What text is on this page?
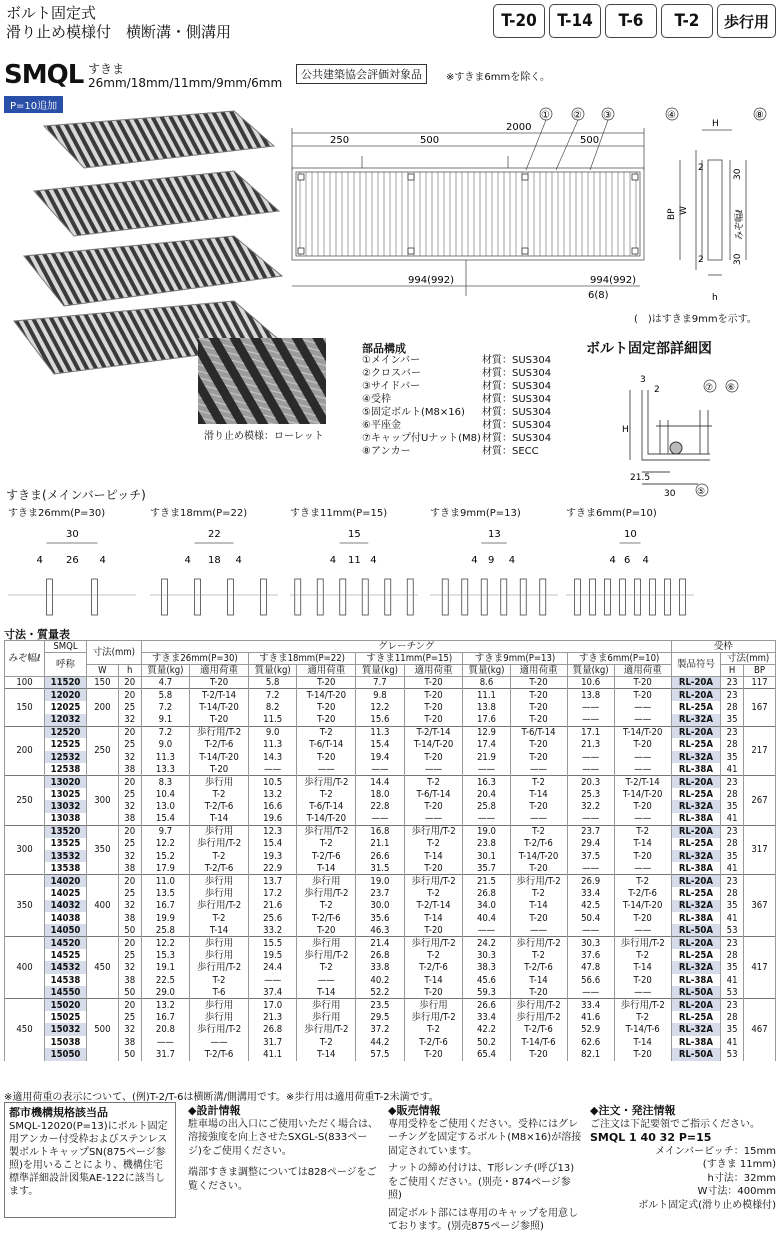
ボルト固定式
滑り止め模様付　横断溝・側溝用
T-20	T-14	T-6	T-2	歩行用
SMQL すきま
26mm/18mm/11mm/9mm/6mm
P=10追加
公共建築協会評価対象品	※すきま6mmを除く。
滑り止め模様：ローレット
250	500	500
2000
994(992)	994(992)
6(8)
① ② ③	④	⑧
H
2
30
W
BP	みぞ幅ℓ
30
2
h
(　)はすきま9mmを示す。
部品構成
①メインバー	材質：SUS304
②クロスバー	材質：SUS304
③サイドバー	材質：SUS304
④受枠	材質：SUS304
⑤固定ボルト(M8×16)	材質：SUS304
⑥平座金	材質：SUS304
⑦キャップ付Uナット(M8) 材質：SUS304
⑧アンカー	材質：SECC
ボルト固定部詳細図
3
2	⑦ ⑥
H
21.5
30 ⑤
すきま(メインバーピッチ)
すきま26mm(P=30)
30
4 26 4
すきま18mm(P=22)
22
4 18 4
すきま11mm(P=15)
15
4 11 4
すきま9mm(P=13)
13
4 9 4
すきま6mm(P=10)
10
4 6 4
寸法・質量表
みぞ幅ℓ	SMQL	寸法(mm)		グレーチング										受枠		
	呼称			すきま26mm(P=30)		すきま18mm(P=22)		すきま11mm(P=15)		すきま9mm(P=13)		すきま6mm(P=10)		製品符号	寸法(mm)	
		W	h	質量(kg)	適用荷重	質量(kg)	適用荷重	質量(kg)	適用荷重	質量(kg)	適用荷重	質量(kg)	適用荷重		H	BP
100	11520	150	20	4.7	T-20	5.8	T-20	7.7	T-20	8.6	T-20	10.6	T-20	RL-20A	23	117
150	12020	200	20	5.8	T-2/T-14	7.2	T-14/T-20	9.8	T-20	11.1	T-20	13.8	T-20	RL-20A	23	167
	12025		25	7.2	T-14/T-20	8.2	T-20	12.2	T-20	13.8	T-20	——	——	RL-25A	28	
	12032		32	9.1	T-20	11.5	T-20	15.6	T-20	17.6	T-20	——	——	RL-32A	35	
200	12520	250	20	7.2	歩行用/T-2	9.0	T-2	11.3	T-2/T-14	12.9	T-6/T-14	17.1	T-14/T-20	RL-20A	23	217
	12525		25	9.0	T-2/T-6	11.3	T-6/T-14	15.4	T-14/T-20	17.4	T-20	21.3	T-20	RL-25A	28	
	12532		32	11.3	T-14/T-20	14.3	T-20	19.4	T-20	21.9	T-20	——	——	RL-32A	35	
	12538		38	13.3	T-20	——	——	——	——	——	——	——	——	RL-38A	41	
250	13020	300	20	8.3	歩行用	10.5	歩行用/T-2	14.4	T-2	16.3	T-2	20.3	T-2/T-14	RL-20A	23	267
	13025		25	10.4	T-2	13.2	T-2	18.0	T-6/T-14	20.4	T-14	25.3	T-14/T-20	RL-25A	28	
	13032		32	13.0	T-2/T-6	16.6	T-6/T-14	22.8	T-20	25.8	T-20	32.2	T-20	RL-32A	35	
	13038		38	15.4	T-14	19.6	T-14/T-20	——	——	——	——	——	——	RL-38A	41	
300	13520	350	20	9.7	歩行用	12.3	歩行用/T-2	16.8	歩行用/T-2	19.0	T-2	23.7	T-2	RL-20A	23	317
	13525		25	12.2	歩行用/T-2	15.4	T-2	21.1	T-2	23.8	T-2/T-6	29.4	T-14	RL-25A	28	
	13532		32	15.2	T-2	19.3	T-2/T-6	26.6	T-14	30.1	T-14/T-20	37.5	T-20	RL-32A	35	
	13538		38	17.9	T-2/T-6	22.9	T-14	31.5	T-20	35.7	T-20	——	——	RL-38A	41	
350	14020	400	20	11.0	歩行用	13.7	歩行用	19.0	歩行用/T-2	21.5	歩行用/T-2	26.9	T-2	RL-20A	23	367
	14025		25	13.5	歩行用	17.2	歩行用/T-2	23.7	T-2	26.8	T-2	33.4	T-2/T-6	RL-25A	28	
	14032		32	16.7	歩行用/T-2	21.6	T-2	30.0	T-2/T-14	34.0	T-14	42.5	T-14/T-20	RL-32A	35	
	14038		38	19.9	T-2	25.6	T-2/T-6	35.6	T-14	40.4	T-20	50.4	T-20	RL-38A	41	
	14050		50	25.8	T-14	33.2	T-20	46.3	T-20	——	——	——	——	RL-50A	53	
400	14520	450	20	12.2	歩行用	15.5	歩行用	21.4	歩行用/T-2	24.2	歩行用/T-2	30.3	歩行用/T-2	RL-20A	23	417
	14525		25	15.3	歩行用	19.5	歩行用/T-2	26.8	T-2	30.3	T-2	37.6	T-2	RL-25A	28	
	14532		32	19.1	歩行用/T-2	24.4	T-2	33.8	T-2/T-6	38.3	T-2/T-6	47.8	T-14	RL-32A	35	
	14538		38	22.5	T-2	——	——	40.2	T-14	45.6	T-14	56.6	T-20	RL-38A	41	
	14550		50	29.0	T-6	37.4	T-14	52.2	T-20	59.3	T-20	——	——	RL-50A	53	
450	15020	500	20	13.2	歩行用	17.0	歩行用	23.5	歩行用	26.6	歩行用/T-2	33.4	歩行用/T-2	RL-20A	23	467
	15025		25	16.7	歩行用	21.3	歩行用	29.5	歩行用/T-2	33.4	歩行用/T-2	41.6	T-2	RL-25A	28	
	15032		32	20.8	歩行用/T-2	26.8	歩行用/T-2	37.2	T-2	42.2	T-2/T-6	52.9	T-14/T-6	RL-32A	35	
	15038		38	——	——	31.7	T-2	44.2	T-2/T-6	50.2	T-14/T-6	62.6	T-14	RL-38A	41	
	15050		50	31.7	T-2/T-6	41.1	T-14	57.5	T-20	65.4	T-20	82.1	T-20	RL-50A	53	
※適用荷重の表示について、(例)T-2/T-6は横断溝/側溝用です。※歩行用は適用荷重T-2未満です。
都市機構規格該当品
SMQL-12020(P=13)にボルト固定用アンカー付受枠およびステンレス製ボルトキャップSN(875ページ参照)を用いることにより、機構住宅標準詳細設計図集AE-122に該当します。
◆設計情報
駐車場の出入口にご使用いただく場合は、溶接強度を向上させたSXGL-S(833ページ)をご使用ください。
端部すきま調整については828ページをご覧ください。
◆販売情報
専用受枠をご使用ください。受枠にはグレーチングを固定するボルト(M8×16)が溶接固定されています。
ナットの締め付けは、T形レンチ(呼び13)をご使用ください。(別売・874ページ参照)
固定ボルト部には専用のキャップを用意しております。(別売875ページ参照)
◆注文・発注情報
ご注文は下記要領でご指示ください。
SMQL 1 40 32 P=15
メインバーピッチ：15mm
(すきま 11mm)
h寸法：32mm
W寸法：400mm
ボルト固定式(滑り止め模様付)
